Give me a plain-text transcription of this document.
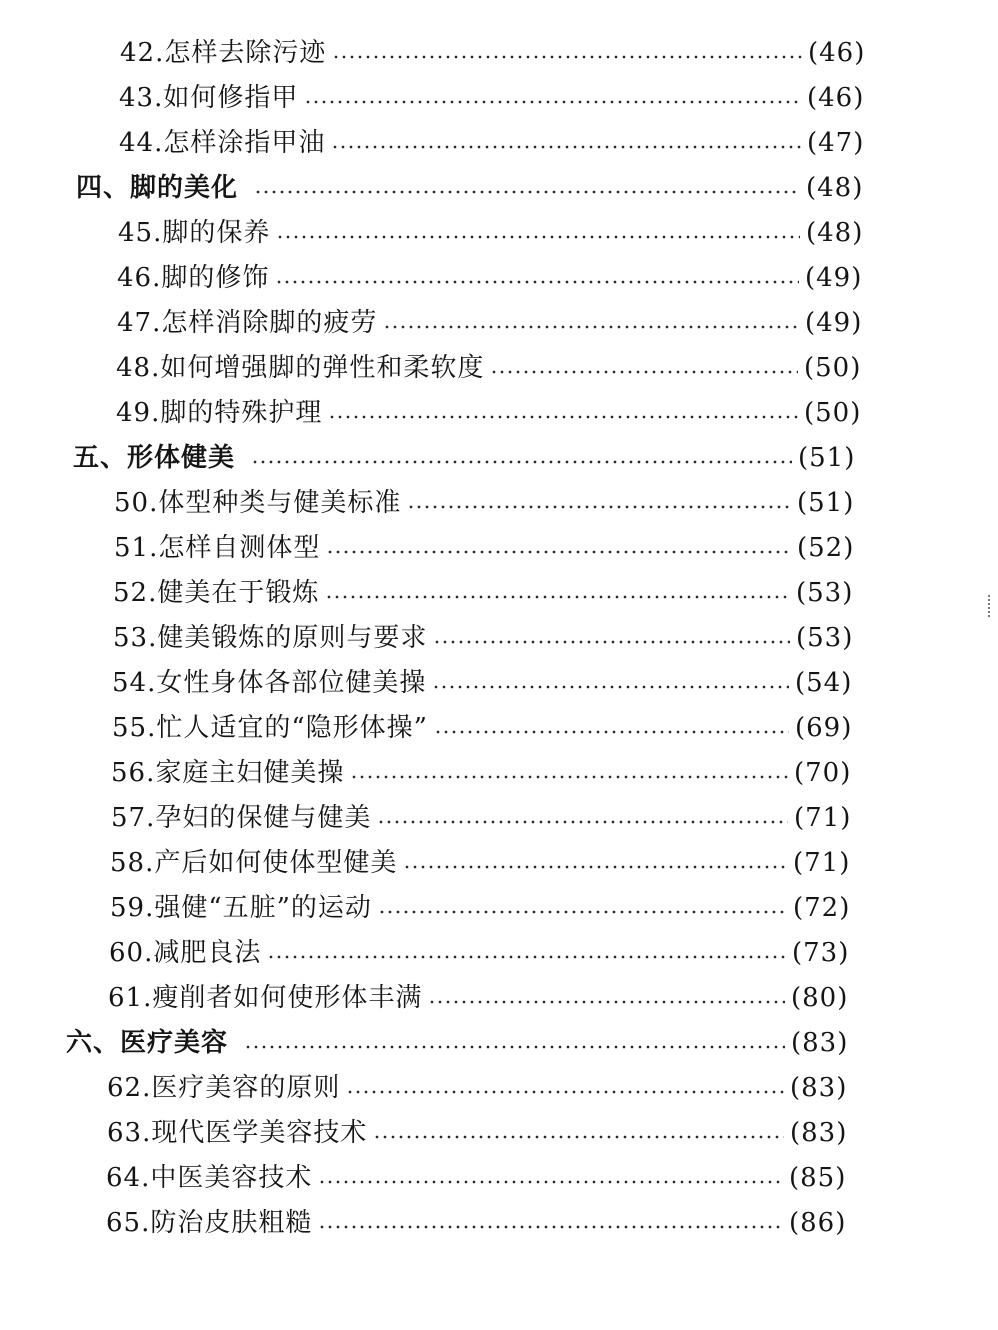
42.怎样去除污迹	(46)
43.如何修指甲	(46)
44.怎样涂指甲油	(47)
四、脚的美化	(48)
45.脚的保养	(48)
46.脚的修饰	(49)
47.怎样消除脚的疲劳	(49)
48.如何增强脚的弹性和柔软度	(50)
49.脚的特殊护理	(50)
五、形体健美	(51)
50.体型种类与健美标准	(51)
51.怎样自测体型	(52)
52.健美在于锻炼	(53)
53.健美锻炼的原则与要求	(53)
54.女性身体各部位健美操	(54)
55.忙人适宜的“隐形体操”	(69)
56.家庭主妇健美操	(70)
57.孕妇的保健与健美	(71)
58.产后如何使体型健美	(71)
59.强健“五脏”的运动	(72)
60.减肥良法	(73)
61.瘦削者如何使形体丰满	(80)
六、医疗美容	(83)
62.医疗美容的原则	(83)
63.现代医学美容技术	(83)
64.中医美容技术	(85)
65.防治皮肤粗糙	(86)
